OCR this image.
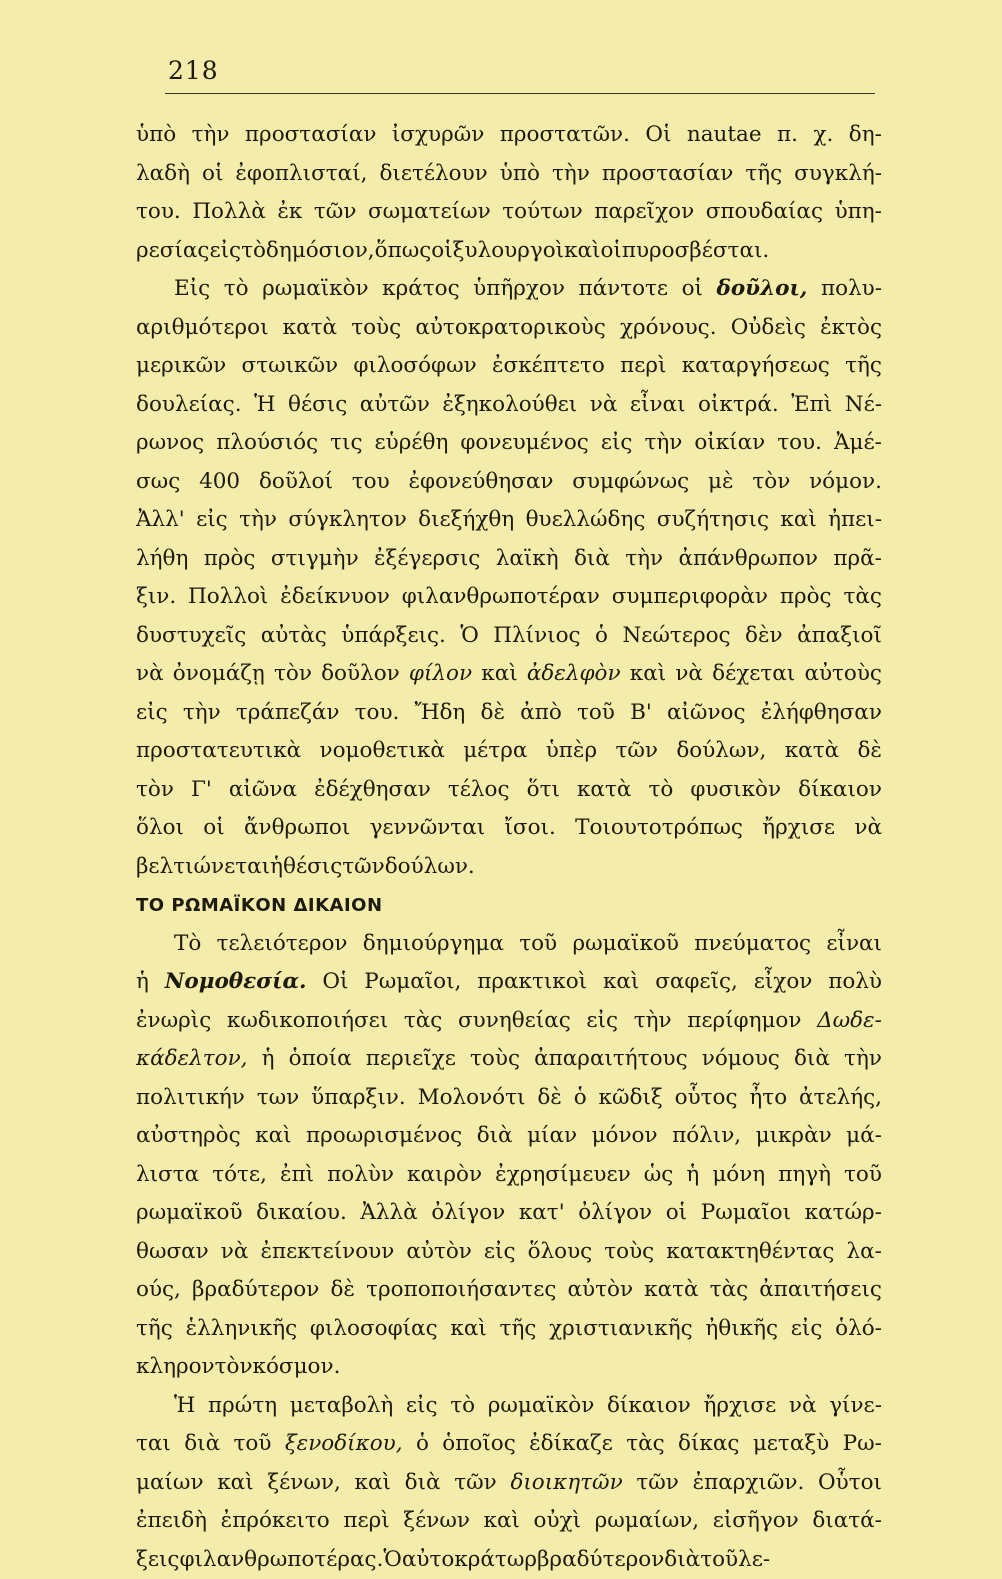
218
ὑπὸ τὴν προστασίαν ἰσχυρῶν προστατῶν. Οἱ nautae π. χ. δη-
λαδὴ οἱ ἐφοπλισταί, διετέλουν ὑπὸ τὴν προστασίαν τῆς συγκλή-
του. Πολλὰ ἐκ τῶν σωματείων τούτων παρεῖχον σπουδαίας ὑπη-
ρεσίας εἰς τὸ δημόσιον, ὅπως οἱ ξυλουργοὶ καὶ οἱ πυροσβέσται.
Εἰς τὸ ρωμαϊκὸν κράτος ὑπῆρχον πάντοτε οἱ δοῦλοι, πολυ-
αριθμότεροι κατὰ τοὺς αὐτοκρατορικοὺς χρόνους. Οὐδεὶς ἐκτὸς
μερικῶν στωικῶν φιλοσόφων ἐσκέπτετο περὶ καταργήσεως τῆς
δουλείας. Ἡ θέσις αὐτῶν ἐξηκολούθει νὰ εἶναι οἰκτρά. Ἐπὶ Νέ-
ρωνος πλούσιός τις εὑρέθη φονευμένος εἰς τὴν οἰκίαν του. Ἀμέ-
σως 400 δοῦλοί του ἐφονεύθησαν συμφώνως μὲ τὸν νόμον.
Ἀλλ' εἰς τὴν σύγκλητον διεξήχθη θυελλώδης συζήτησις καὶ ἠπει-
λήθη πρὸς στιγμὴν ἐξέγερσις λαϊκὴ διὰ τὴν ἀπάνθρωπον πρᾶ-
ξιν. Πολλοὶ ἐδείκνυον φιλανθρωποτέραν συμπεριφορὰν πρὸς τὰς
δυστυχεῖς αὐτὰς ὑπάρξεις. Ὁ Πλίνιος ὁ Νεώτερος δὲν ἀπαξιοῖ
νὰ ὀνομάζῃ τὸν δοῦλον φίλον καὶ ἀδελφὸν καὶ νὰ δέχεται αὐτοὺς
εἰς τὴν τράπεζάν του. Ἤδη δὲ ἀπὸ τοῦ Β' αἰῶνος ἐλήφθησαν
προστατευτικὰ νομοθετικὰ μέτρα ὑπὲρ τῶν δούλων, κατὰ δὲ
τὸν Γ' αἰῶνα ἐδέχθησαν τέλος ὅτι κατὰ τὸ φυσικὸν δίκαιον
ὅλοι οἱ ἄνθρωποι γεννῶνται ἴσοι. Τοιουτοτρόπως ἤρχισε νὰ
βελτιώνεται ἡ θέσις τῶν δούλων.
ΤΟ ΡΩΜΑΪΚΟΝ ΔΙΚΑΙΟΝ
Τὸ τελειότερον δημιούργημα τοῦ ρωμαϊκοῦ πνεύματος εἶναι
ἡ Νομοθεσία. Οἱ Ρωμαῖοι, πρακτικοὶ καὶ σαφεῖς, εἶχον πολὺ
ἐνωρὶς κωδικοποιήσει τὰς συνηθείας εἰς τὴν περίφημον Δωδε-
κάδελτον, ἡ ὁποία περιεῖχε τοὺς ἀπαραιτήτους νόμους διὰ τὴν
πολιτικήν των ὕπαρξιν. Μολονότι δὲ ὁ κῶδιξ οὗτος ἦτο ἀτελής,
αὐστηρὸς καὶ προωρισμένος διὰ μίαν μόνον πόλιν, μικρὰν μά-
λιστα τότε, ἐπὶ πολὺν καιρὸν ἐχρησίμευεν ὡς ἡ μόνη πηγὴ τοῦ
ρωμαϊκοῦ δικαίου. Ἀλλὰ ὀλίγον κατ' ὀλίγον οἱ Ρωμαῖοι κατώρ-
θωσαν νὰ ἐπεκτείνουν αὐτὸν εἰς ὅλους τοὺς κατακτηθέντας λα-
ούς, βραδύτερον δὲ τροποποιήσαντες αὐτὸν κατὰ τὰς ἀπαιτήσεις
τῆς ἑλληνικῆς φιλοσοφίας καὶ τῆς χριστιανικῆς ἠθικῆς εἰς ὁλό-
κληρον τὸν κόσμον.
Ἡ πρώτη μεταβολὴ εἰς τὸ ρωμαϊκὸν δίκαιον ἤρχισε νὰ γίνε-
ται διὰ τοῦ ξενοδίκου, ὁ ὁποῖος ἐδίκαζε τὰς δίκας μεταξὺ Ρω-
μαίων καὶ ξένων, καὶ διὰ τῶν διοικητῶν τῶν ἐπαρχιῶν. Οὗτοι
ἐπειδὴ ἐπρόκειτο περὶ ξένων καὶ οὐχὶ ρωμαίων, εἰσῆγον διατά-
ξεις φιλανθρωποτέρας. Ὁ αὐτοκράτωρ βραδύτερον διὰ τοῦ λε-
